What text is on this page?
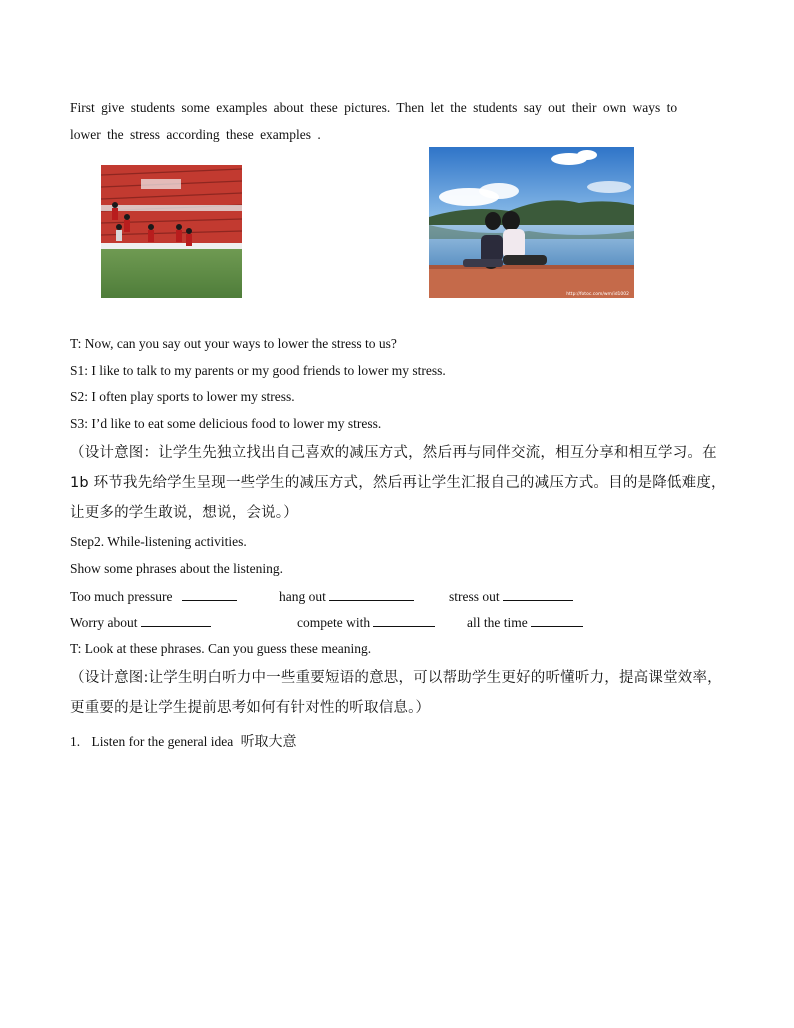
First give students some examples about these pictures. Then let the students say out their own ways to
lower the stress according these examples .
http://fotoc.com/wm/id1002
T: Now, can you say out your ways to lower the stress to us?
S1: I like to talk to my parents or my good friends to lower my stress.
S2: I often play sports to lower my stress.
S3: I’d like to eat some delicious food to lower my stress.
（设计意图：让学生先独立找出自己喜欢的减压方式，然后再与同伴交流，相互分享和相互学习。在 1b 环节我先给学生呈现一些学生的减压方式，然后再让学生汇报自己的减压方式。目的是降低难度，让更多的学生敢说，想说，会说。）
Step2. While-listening activities.
Show some phrases about the listening.
Too much pressure	hang out	stress out
Worry about	compete with	all the time
T: Look at these phrases. Can you guess these meaning.
（设计意图:让学生明白听力中一些重要短语的意思，可以帮助学生更好的听懂听力，提高课堂效率，更重要的是让学生提前思考如何有针对性的听取信息。）
1. Listen for the general idea 听取大意
